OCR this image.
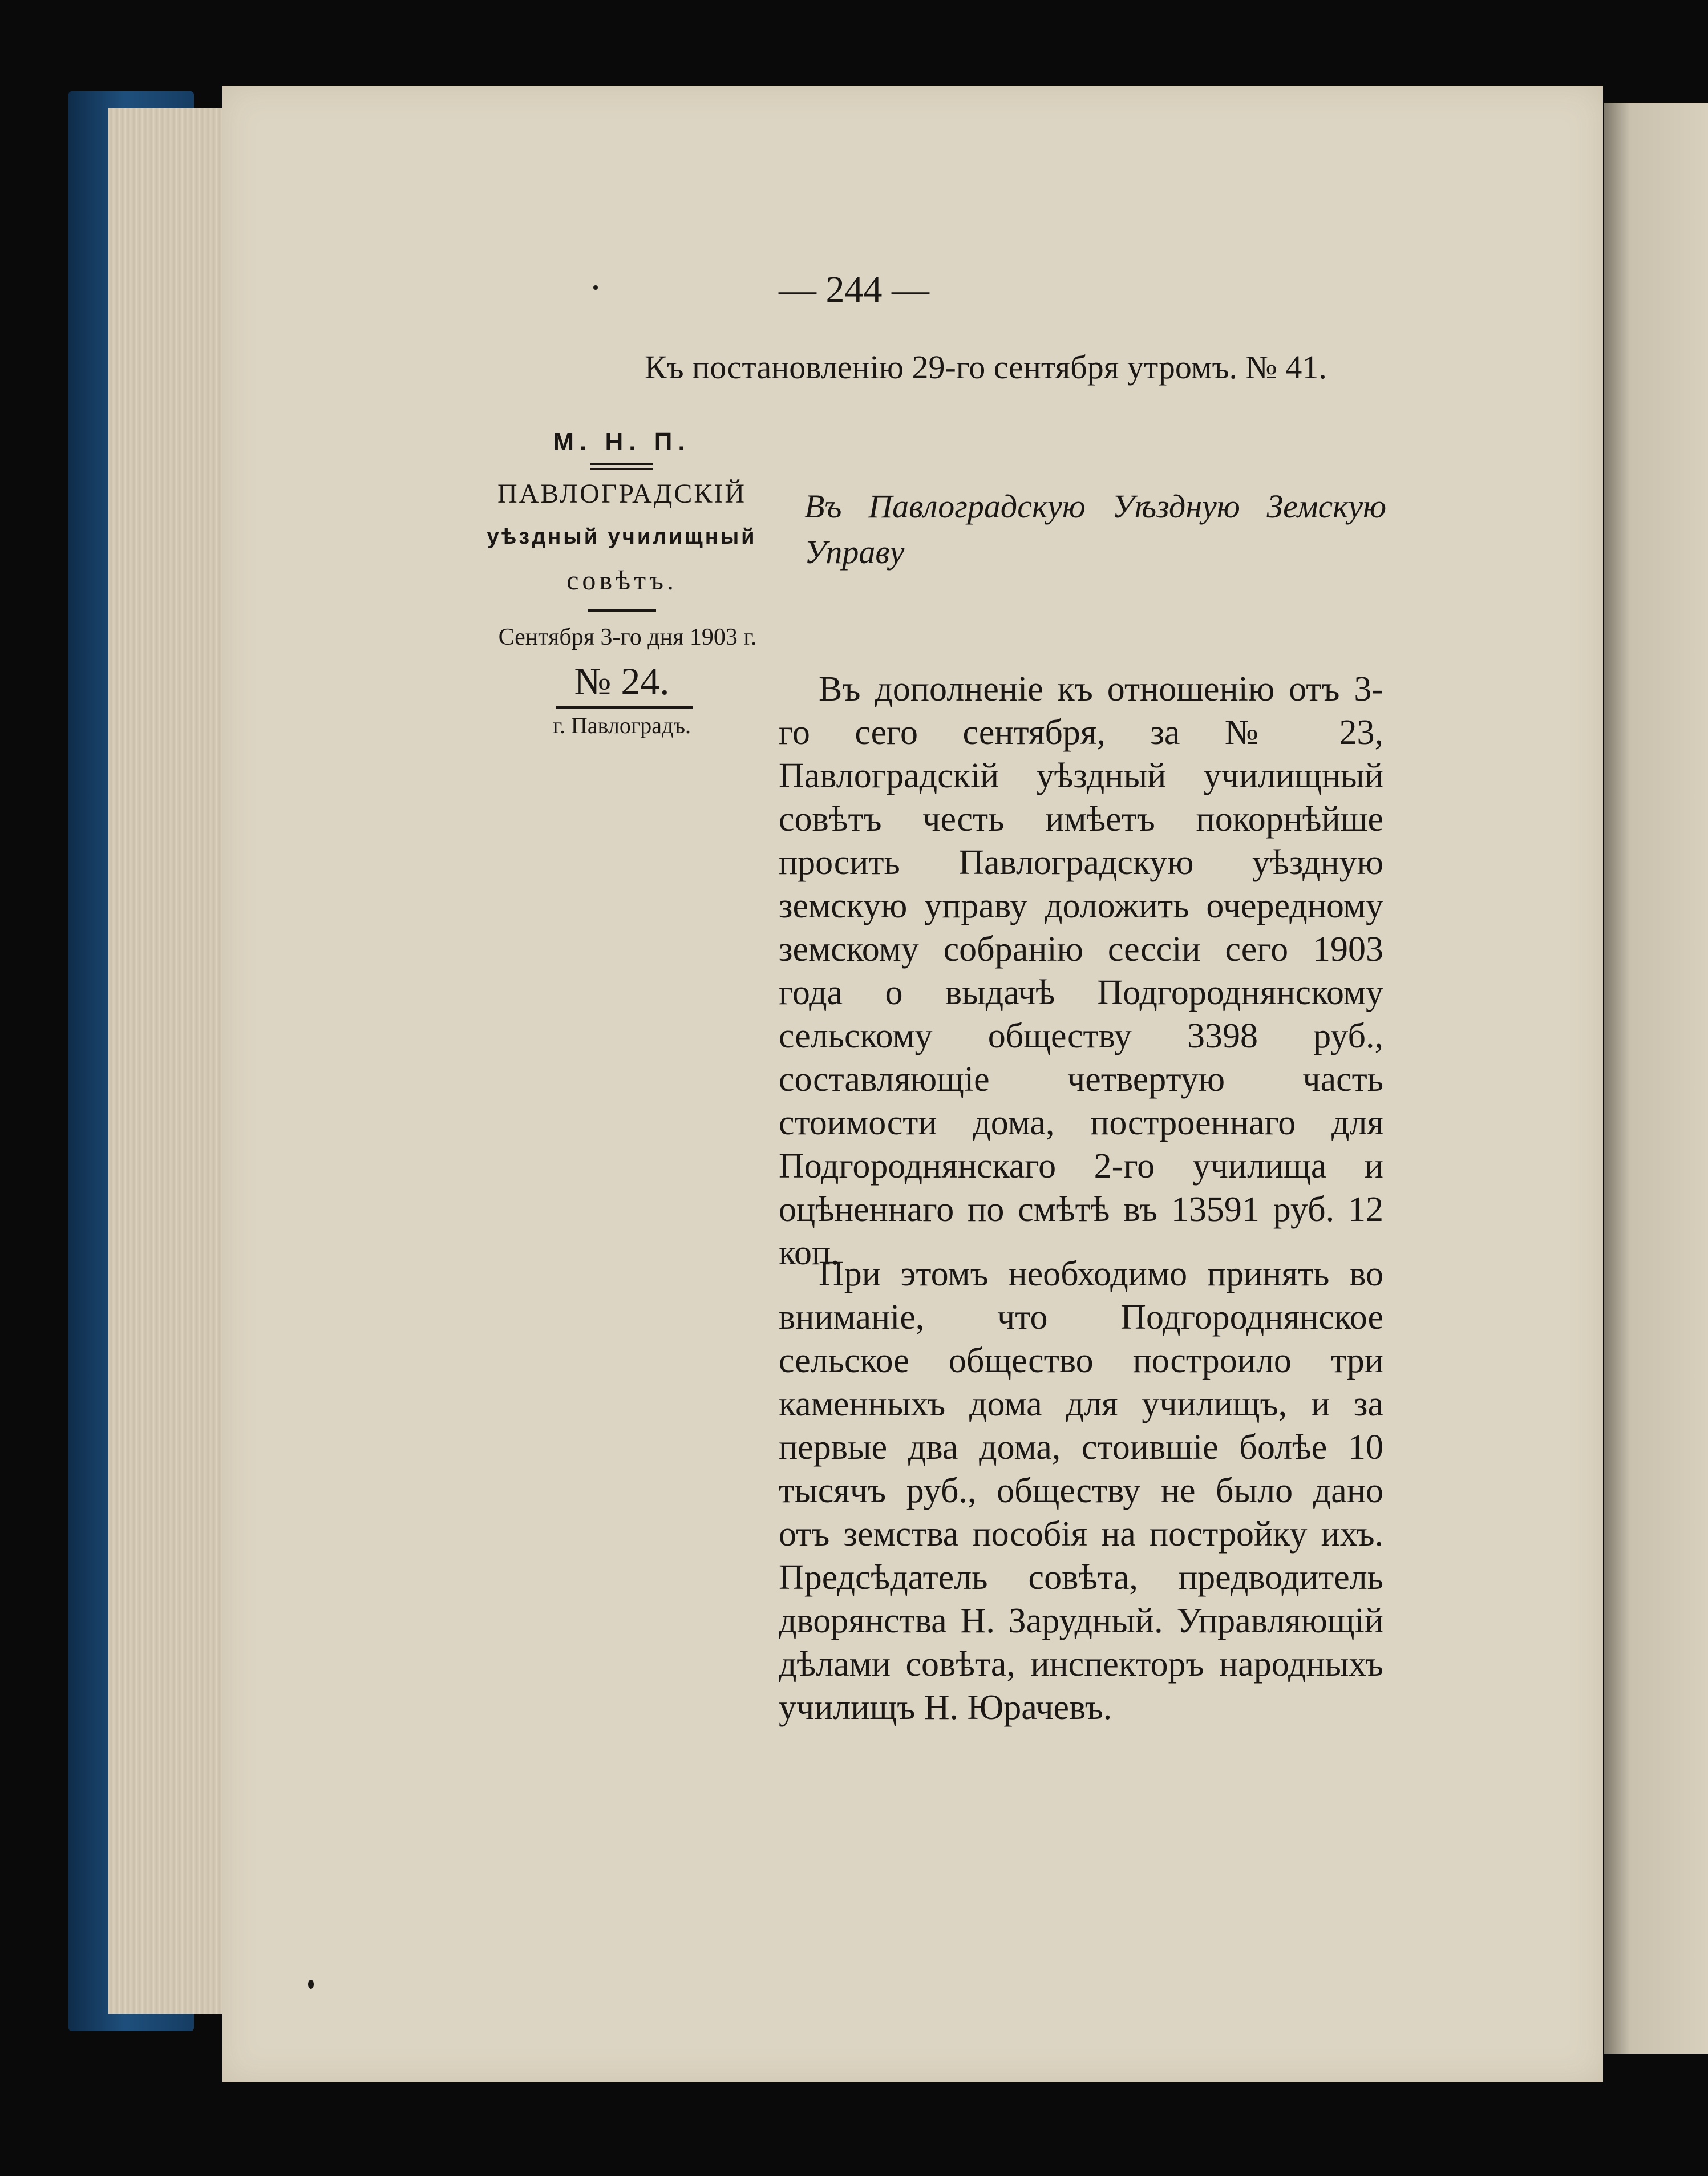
— 244 —
Къ постановленію 29-го сентября утромъ. № 41.
М. Н. П.
ПАВЛОГРАДСКІЙ
уѣздный училищный
совѣтъ.
Сентября 3-го дня 1903 г.
№ 24.
г. Павлоградъ.
Въ Павлоградскую Уѣздную Земскую Управу
Въ дополненіе къ отношенію отъ 3-го сего сентября, за № 23, Павлоградскій уѣздный училищный совѣтъ честь имѣетъ покорнѣйше просить Павлоградскую уѣздную земскую управу доложить очередному земскому собранію сессіи сего 1903 года о выдачѣ Подгороднянскому сельскому обществу 3398 руб., составляющіе четвертую часть стоимости дома, построеннаго для Подгороднянскаго 2-го училища и оцѣненнаго по смѣтѣ въ 13591 руб. 12 коп.
При этомъ необходимо принять во вниманіе, что Подгороднянское сельское общество построило три каменныхъ дома для училищъ, и за первые два дома, стоившіе болѣе 10 тысячъ руб., обществу не было дано отъ земства пособія на постройку ихъ. Предсѣдатель совѣта, предводитель дворянства Н. Зарудный. Управляющій дѣлами совѣта, инспекторъ народныхъ училищъ Н. Юрачевъ.
